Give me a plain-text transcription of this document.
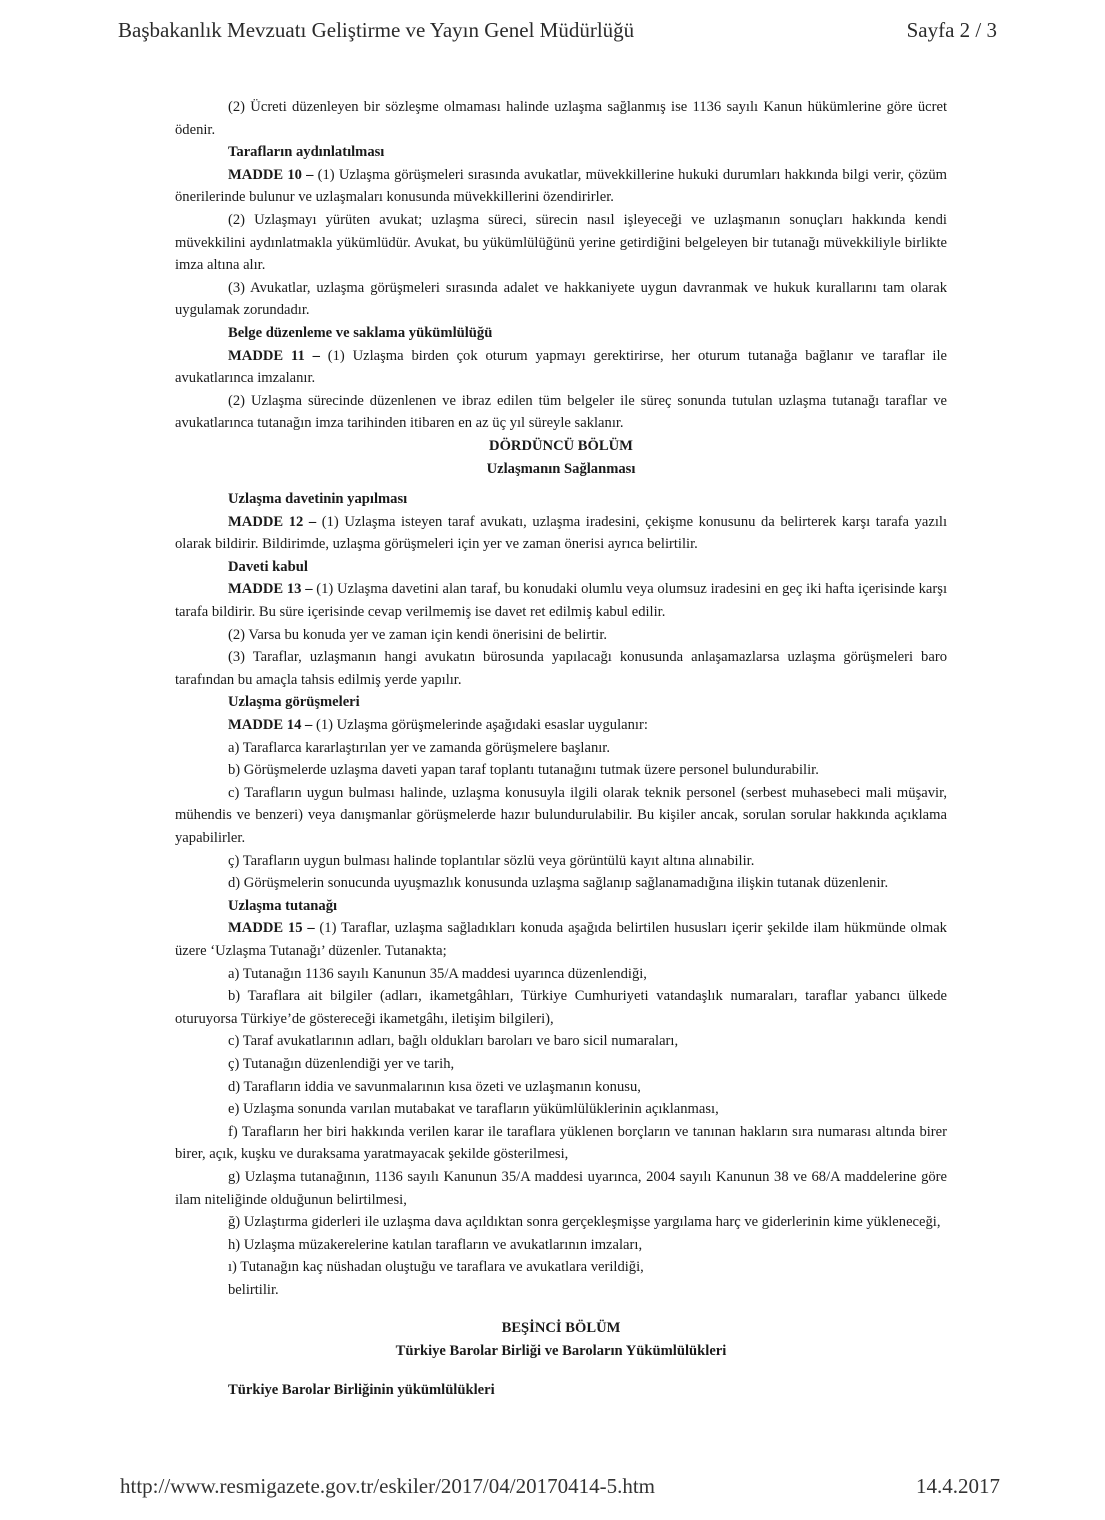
Başbakanlık Mevzuatı Geliştirme ve Yayın Genel Müdürlüğü	Sayfa 2 / 3

(2) Ücreti düzenleyen bir sözleşme olmaması halinde uzlaşma sağlanmış ise 1136 sayılı Kanun hükümlerine göre ücret ödenir.

Tarafların aydınlatılması

MADDE 10 – (1) Uzlaşma görüşmeleri sırasında avukatlar, müvekkillerine hukuki durumları hakkında bilgi verir, çözüm önerilerinde bulunur ve uzlaşmaları konusunda müvekkillerini özendirirler.

(2) Uzlaşmayı yürüten avukat; uzlaşma süreci, sürecin nasıl işleyeceği ve uzlaşmanın sonuçları hakkında kendi müvekkilini aydınlatmakla yükümlüdür. Avukat, bu yükümlülüğünü yerine getirdiğini belgeleyen bir tutanağı müvekkiliyle birlikte imza altına alır.

(3) Avukatlar, uzlaşma görüşmeleri sırasında adalet ve hakkaniyete uygun davranmak ve hukuk kurallarını tam olarak uygulamak zorundadır.

Belge düzenleme ve saklama yükümlülüğü

MADDE 11 – (1) Uzlaşma birden çok oturum yapmayı gerektirirse, her oturum tutanağa bağlanır ve taraflar ile avukatlarınca imzalanır.

(2) Uzlaşma sürecinde düzenlenen ve ibraz edilen tüm belgeler ile süreç sonunda tutulan uzlaşma tutanağı taraflar ve avukatlarınca tutanağın imza tarihinden itibaren en az üç yıl süreyle saklanır.

DÖRDÜNCÜ BÖLÜM

Uzlaşmanın Sağlanması

Uzlaşma davetinin yapılması

MADDE 12 – (1) Uzlaşma isteyen taraf avukatı, uzlaşma iradesini, çekişme konusunu da belirterek karşı tarafa yazılı olarak bildirir. Bildirimde, uzlaşma görüşmeleri için yer ve zaman önerisi ayrıca belirtilir.

Daveti kabul

MADDE 13 – (1) Uzlaşma davetini alan taraf, bu konudaki olumlu veya olumsuz iradesini en geç iki hafta içerisinde karşı tarafa bildirir. Bu süre içerisinde cevap verilmemiş ise davet ret edilmiş kabul edilir.

(2) Varsa bu konuda yer ve zaman için kendi önerisini de belirtir.

(3) Taraflar, uzlaşmanın hangi avukatın bürosunda yapılacağı konusunda anlaşamazlarsa uzlaşma görüşmeleri baro tarafından bu amaçla tahsis edilmiş yerde yapılır.

Uzlaşma görüşmeleri

MADDE 14 – (1) Uzlaşma görüşmelerinde aşağıdaki esaslar uygulanır:

a) Taraflarca kararlaştırılan yer ve zamanda görüşmelere başlanır.

b) Görüşmelerde uzlaşma daveti yapan taraf toplantı tutanağını tutmak üzere personel bulundurabilir.

c) Tarafların uygun bulması halinde, uzlaşma konusuyla ilgili olarak teknik personel (serbest muhasebeci mali müşavir, mühendis ve benzeri) veya danışmanlar görüşmelerde hazır bulundurulabilir. Bu kişiler ancak, sorulan sorular hakkında açıklama yapabilirler.

ç) Tarafların uygun bulması halinde toplantılar sözlü veya görüntülü kayıt altına alınabilir.

d) Görüşmelerin sonucunda uyuşmazlık konusunda uzlaşma sağlanıp sağlanamadığına ilişkin tutanak düzenlenir.

Uzlaşma tutanağı

MADDE 15 – (1) Taraflar, uzlaşma sağladıkları konuda aşağıda belirtilen hususları içerir şekilde ilam hükmünde olmak üzere ‘Uzlaşma Tutanağı’ düzenler. Tutanakta;

a) Tutanağın 1136 sayılı Kanunun 35/A maddesi uyarınca düzenlendiği,

b) Taraflara ait bilgiler (adları, ikametgâhları, Türkiye Cumhuriyeti vatandaşlık numaraları, taraflar yabancı ülkede oturuyorsa Türkiye’de göstereceği ikametgâhı, iletişim bilgileri),

c) Taraf avukatlarının adları, bağlı oldukları baroları ve baro sicil numaraları,

ç) Tutanağın düzenlendiği yer ve tarih,

d) Tarafların iddia ve savunmalarının kısa özeti ve uzlaşmanın konusu,

e) Uzlaşma sonunda varılan mutabakat ve tarafların yükümlülüklerinin açıklanması,

f) Tarafların her biri hakkında verilen karar ile taraflara yüklenen borçların ve tanınan hakların sıra numarası altında birer birer, açık, kuşku ve duraksama yaratmayacak şekilde gösterilmesi,

g) Uzlaşma tutanağının, 1136 sayılı Kanunun 35/A maddesi uyarınca, 2004 sayılı Kanunun 38 ve 68/A maddelerine göre ilam niteliğinde olduğunun belirtilmesi,

ğ) Uzlaştırma giderleri ile uzlaşma dava açıldıktan sonra gerçekleşmişse yargılama harç ve giderlerinin kime yükleneceği,

h) Uzlaşma müzakerelerine katılan tarafların ve avukatlarının imzaları,

ı) Tutanağın kaç nüshadan oluştuğu ve taraflara ve avukatlara verildiği,

belirtilir.

BEŞİNCİ BÖLÜM

Türkiye Barolar Birliği ve Baroların Yükümlülükleri

Türkiye Barolar Birliğinin yükümlülükleri

http://www.resmigazete.gov.tr/eskiler/2017/04/20170414-5.htm	14.4.2017
